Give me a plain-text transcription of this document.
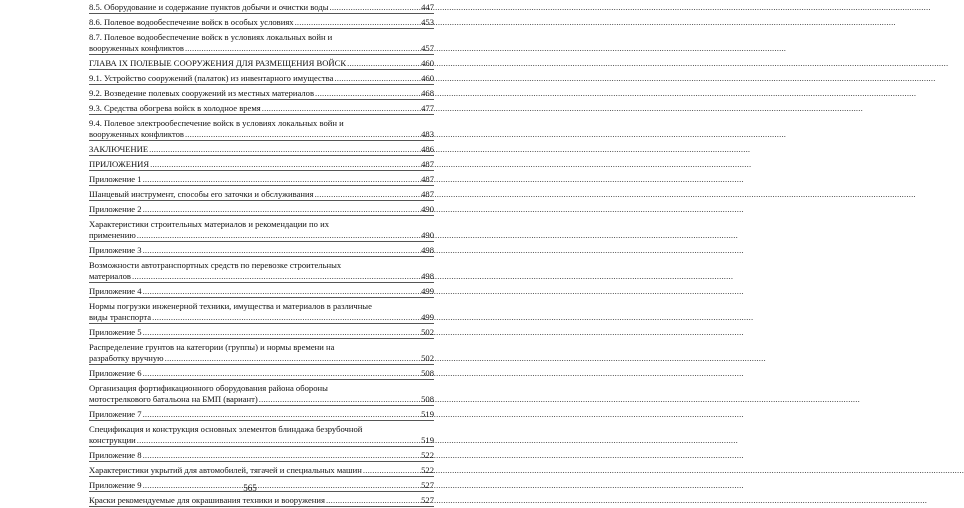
8.5. Оборудование и содержание пунктов добычи и очистки воды .....	447
8.6. Полевое водообеспечение войск в особых условиях .....	453
8.7. Полевое водообеспечение войск в условиях локальных войн и
вооруженных конфликтов .....	457
ГЛАВА IX ПОЛЕВЫЕ СООРУЖЕНИЯ ДЛЯ РАЗМЕЩЕНИЯ ВОЙСК .....	460
9.1. Устройство сооружений (палаток) из инвентарного имущества .....	460
9.2. Возведение полевых сооружений из местных материалов .....	468
9.3. Средства обогрева войск в холодное время .....	477
9.4. Полевое электрообеспечение войск в условиях локальных войн и
вооруженных конфликтов .....	483
ЗАКЛЮЧЕНИЕ .....	486
ПРИЛОЖЕНИЯ .....	487
Приложение 1 .....	487
Шанцевый инструмент, способы его заточки и обслуживания .....	487
Приложение 2 .....	490
Характеристики строительных материалов и рекомендации по их
применению .....	490
Приложение 3 .....	498
Возможности автотранспортных средств по перевозке строительных
материалов .....	498
Приложение 4 .....	499
Нормы погрузки инженерной техники, имущества и материалов в различные
виды транспорта .....	499
Приложение 5 .....	502
Распределение грунтов на категории (группы) и нормы времени на
разработку вручную .....	502
Приложение 6 .....	508
Организация фортификационного оборудования района обороны
мотострелкового батальона на БМП (вариант) .....	508
Приложение 7 .....	519
Спецификация и конструкция основных элементов блиндажа безрубочной
конструкции .....	519
Приложение 8 .....	522
Характеристики укрытий для автомобилей, тягачей и специальных машин .....	522
Приложение 9 .....	527
Краски рекомендуемые для окрашивания техники и вооружения .....	527
565
